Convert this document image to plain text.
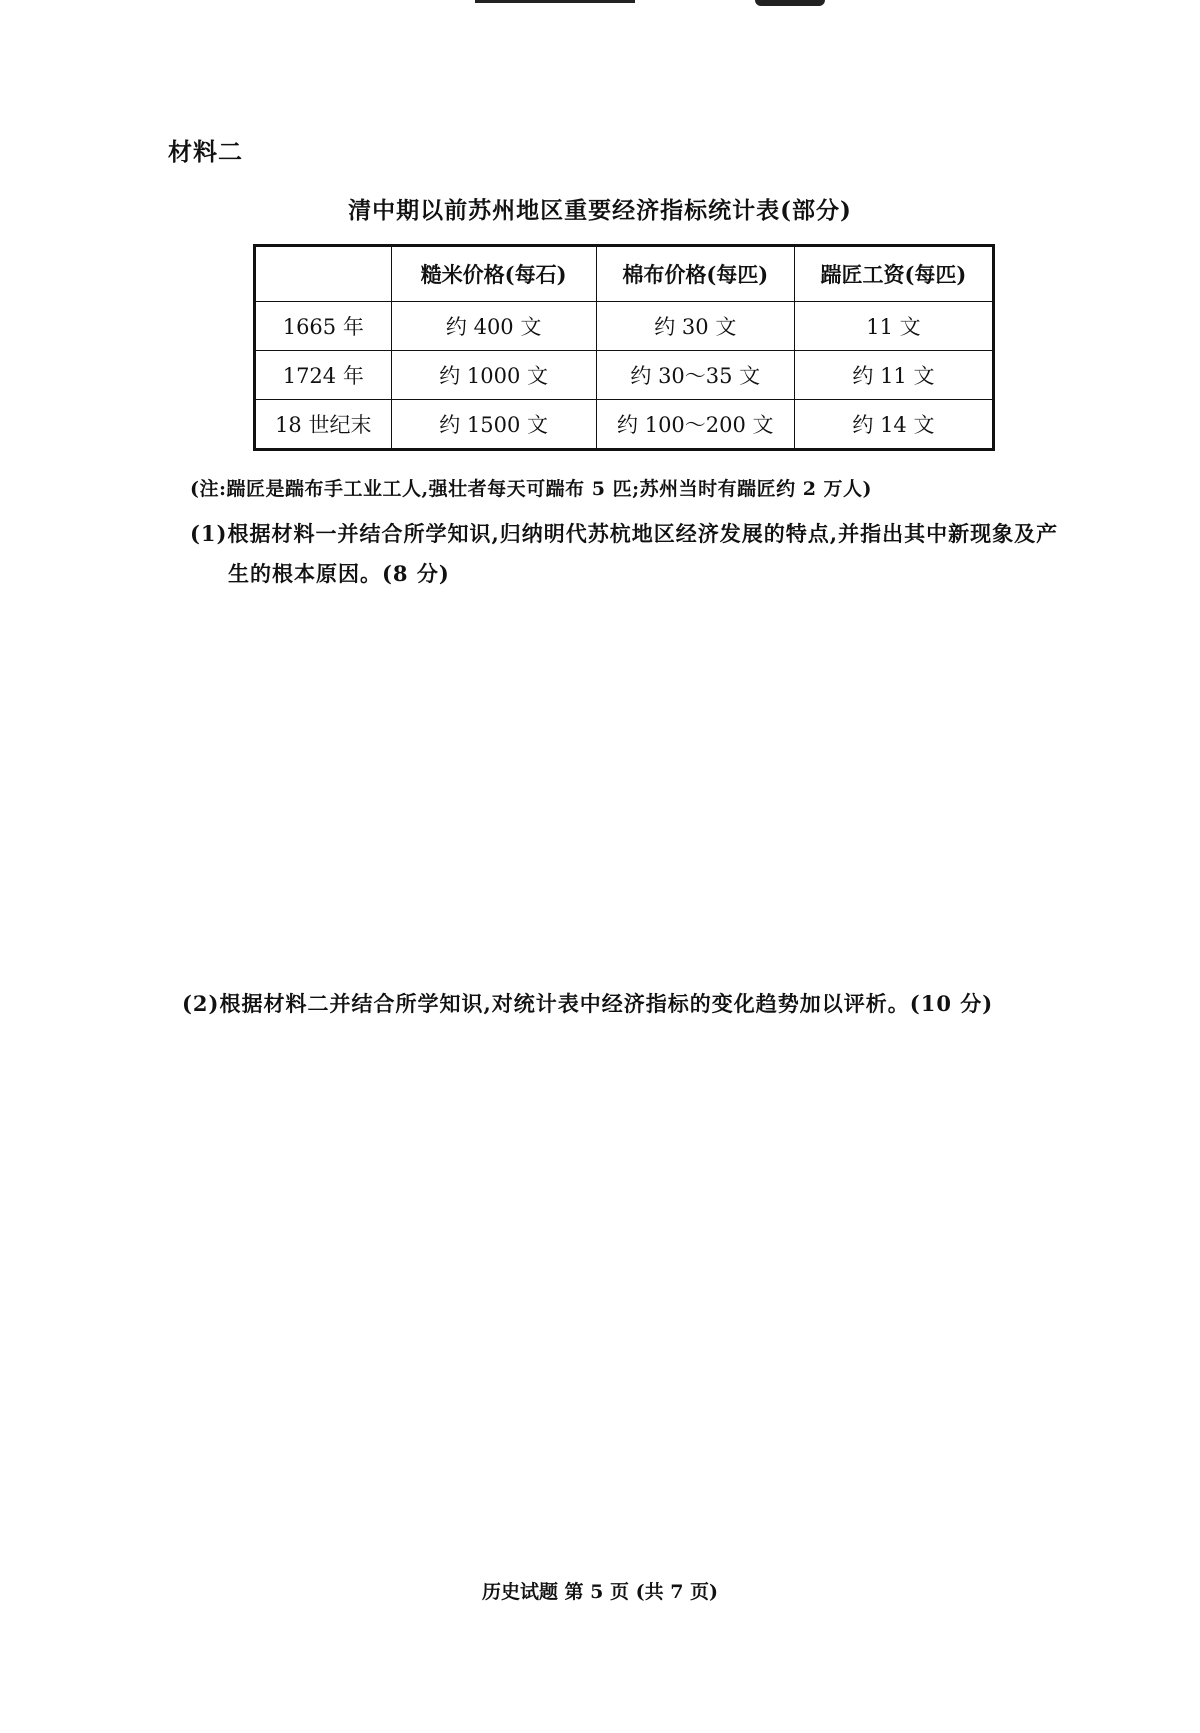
材料二
清中期以前苏州地区重要经济指标统计表(部分)
	糙米价格(每石)	棉布价格(每匹)	踹匠工资(每匹)
1665 年	约 400 文	约 30 文	11 文
1724 年	约 1000 文	约 30～35 文	约 11 文
18 世纪末	约 1500 文	约 100～200 文	约 14 文
(注:踹匠是踹布手工业工人,强壮者每天可踹布 5 匹;苏州当时有踹匠约 2 万人)
(1)根据材料一并结合所学知识,归纳明代苏杭地区经济发展的特点,并指出其中新现象及产
生的根本原因。(8 分)
(2)根据材料二并结合所学知识,对统计表中经济指标的变化趋势加以评析。(10 分)
历史试题 第 5 页 (共 7 页)
